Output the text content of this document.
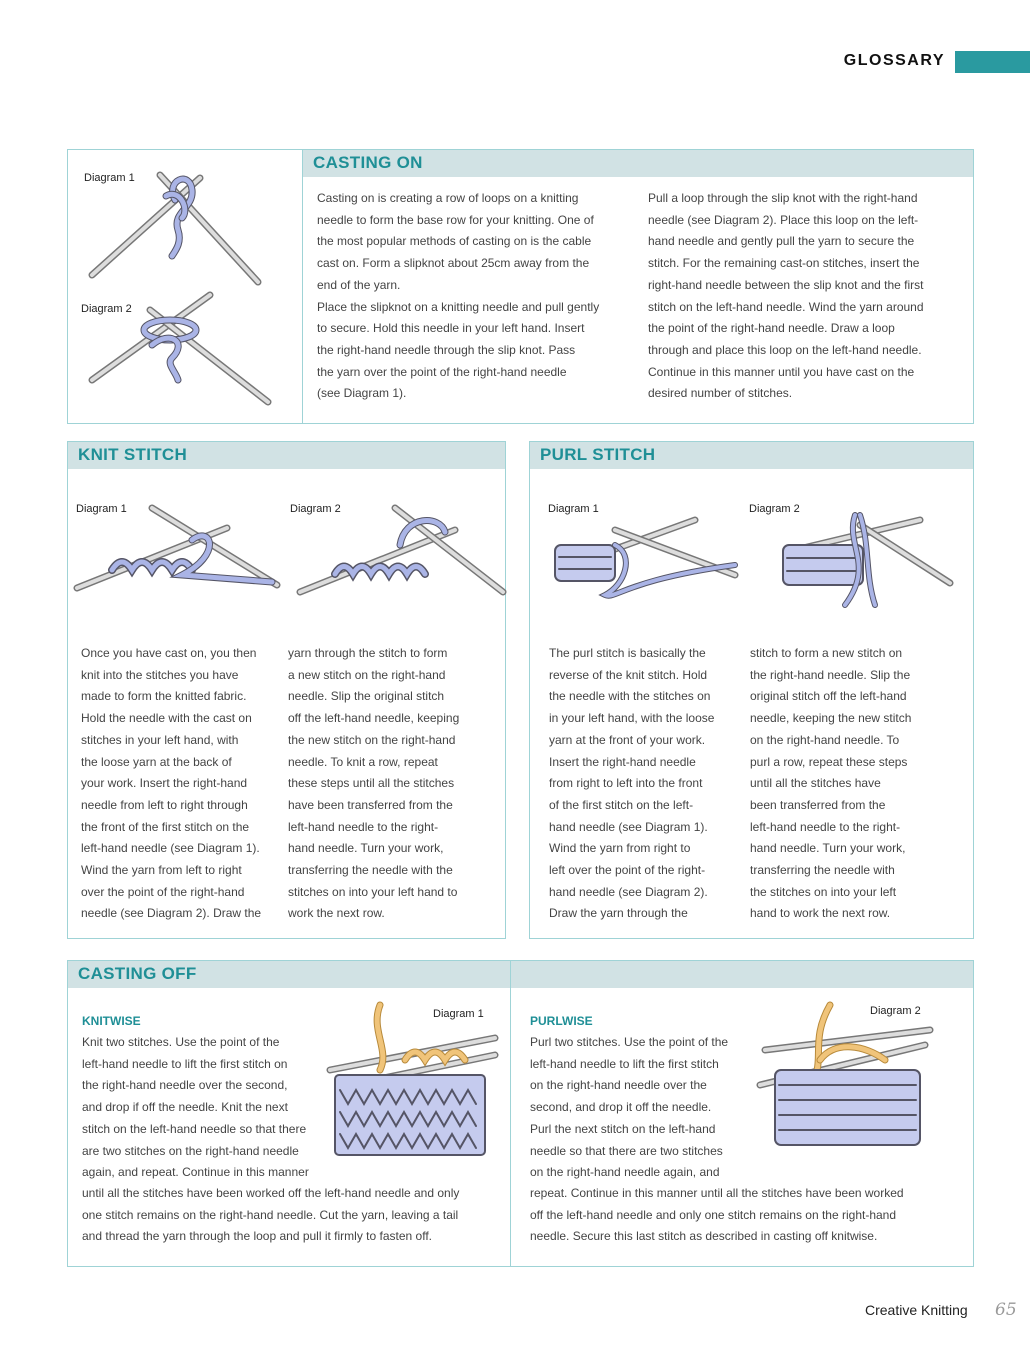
GLOSSARY
CASTING ON
Diagram 1
Diagram 2
Casting on is creating a row of loops on a knitting
needle to form the base row for your knitting. One of
the most popular methods of casting on is the cable
cast on. Form a slipknot about 25cm away from the
end of the yarn.
Place the slipknot on a knitting needle and pull gently
to secure. Hold this needle in your left hand. Insert
the right-hand needle through the slip knot. Pass
the yarn over the point of the right-hand needle
(see Diagram 1).
Pull a loop through the slip knot with the right-hand
needle (see Diagram 2). Place this loop on the left-
hand needle and gently pull the yarn to secure the
stitch. For the remaining cast-on stitches, insert the
right-hand needle between the slip knot and the first
stitch on the left-hand needle. Wind the yarn around
the point of the right-hand needle. Draw a loop
through and place this loop on the left-hand needle.
Continue in this manner until you have cast on the
desired number of stitches.
KNIT STITCH
Diagram 1	Diagram 2
Once you have cast on, you then
knit into the stitches you have
made to form the knitted fabric.
Hold the needle with the cast on
stitches in your left hand, with
the loose yarn at the back of
your work. Insert the right-hand
needle from left to right through
the front of the first stitch on the
left-hand needle (see Diagram 1).
Wind the yarn from left to right
over the point of the right-hand
needle (see Diagram 2). Draw the
yarn through the stitch to form
a new stitch on the right-hand
needle. Slip the original stitch
off the left-hand needle, keeping
the new stitch on the right-hand
needle. To knit a row, repeat
these steps until all the stitches
have been transferred from the
left-hand needle to the right-
hand needle. Turn your work,
transferring the needle with the
stitches on into your left hand to
work the next row.
PURL STITCH
Diagram 1	Diagram 2
The purl stitch is basically the
reverse of the knit stitch. Hold
the needle with the stitches on
in your left hand, with the loose
yarn at the front of your work.
Insert the right-hand needle
from right to left into the front
of the first stitch on the left-
hand needle (see Diagram 1).
Wind the yarn from right to
left over the point of the right-
hand needle (see Diagram 2).
Draw the yarn through the
stitch to form a new stitch on
the right-hand needle. Slip the
original stitch off the left-hand
needle, keeping the new stitch
on the right-hand needle. To
purl a row, repeat these steps
until all the stitches have
been transferred from the
left-hand needle to the right-
hand needle. Turn your work,
transferring the needle with
the stitches on into your left
hand to work the next row.
CASTING OFF
KNITWISE	Diagram 1
Knit two stitches. Use the point of the
left-hand needle to lift the first stitch on
the right-hand needle over the second,
and drop if off the needle. Knit the next
stitch on the left-hand needle so that there
are two stitches on the right-hand needle
again, and repeat. Continue in this manner
until all the stitches have been worked off the left-hand needle and only
one stitch remains on the right-hand needle. Cut the yarn, leaving a tail
and thread the yarn through the loop and pull it firmly to fasten off.
PURLWISE
Diagram 2
Purl two stitches. Use the point of the
left-hand needle to lift the first stitch
on the right-hand needle over the
second, and drop it off the needle.
Purl the next stitch on the left-hand
needle so that there are two stitches
on the right-hand needle again, and
repeat. Continue in this manner until all the stitches have been worked
off the left-hand needle and only one stitch remains on the right-hand
needle. Secure this last stitch as described in casting off knitwise.
Creative Knitting 65
